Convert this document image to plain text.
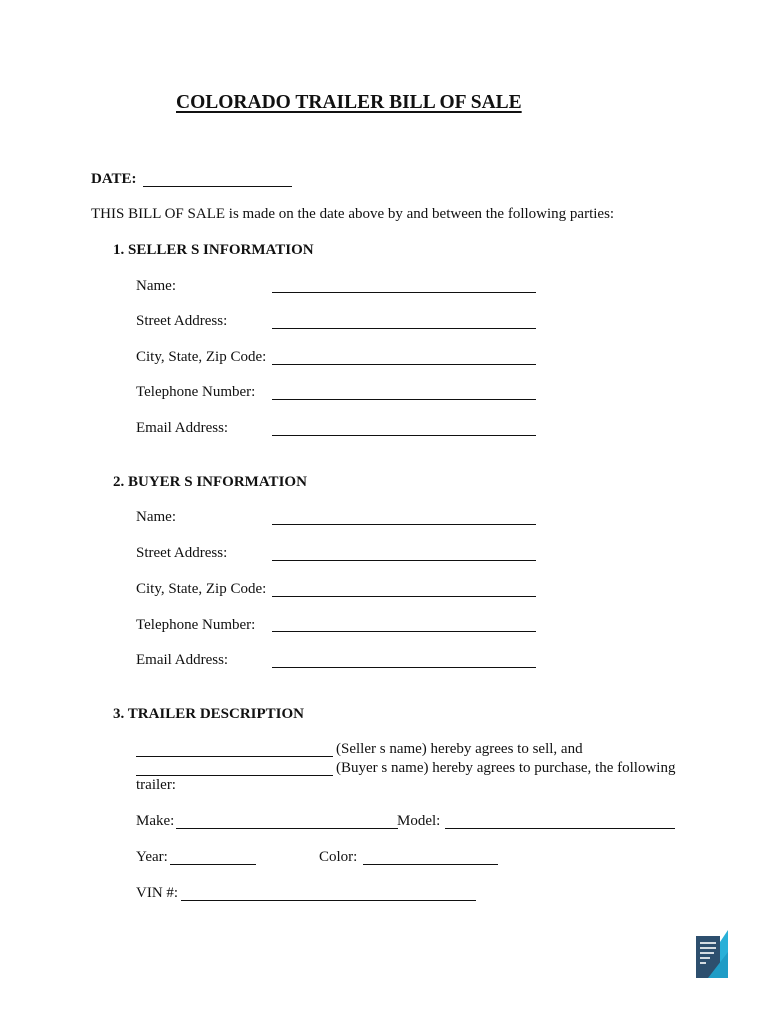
COLORADO TRAILER BILL OF SALE
DATE:
THIS BILL OF SALE is made on the date above by and between the following parties:
1. SELLER S INFORMATION
Name:
Street Address:
City, State, Zip Code:
Telephone Number:
Email Address:
2. BUYER S INFORMATION
Name:
Street Address:
City, State, Zip Code:
Telephone Number:
Email Address:
3. TRAILER DESCRIPTION
(Seller s name) hereby agrees to sell, and
(Buyer s name) hereby agrees to purchase, the following
trailer:
Make:	Model:
Year:	Color:
VIN #:
